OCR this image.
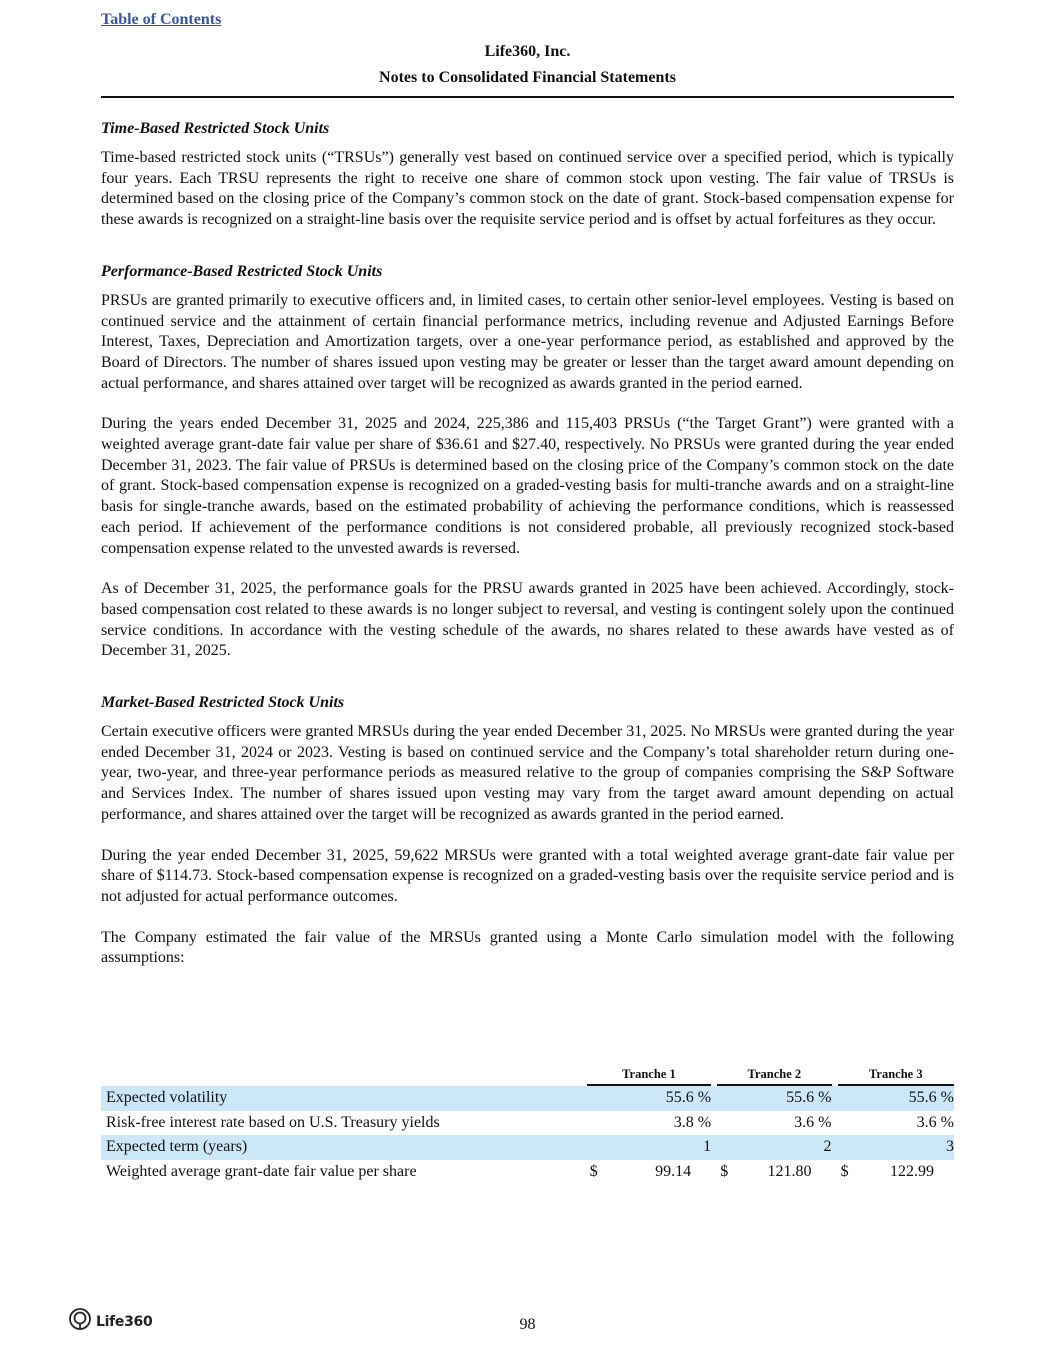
Table of Contents
Life360, Inc.
Notes to Consolidated Financial Statements
Time-Based Restricted Stock Units

Time-based restricted stock units (“TRSUs”) generally vest based on continued service over a specified period, which is typically four years. Each TRSU represents the right to receive one share of common stock upon vesting. The fair value of TRSUs is determined based on the closing price of the Company’s common stock on the date of grant. Stock-based compensation expense for these awards is recognized on a straight-line basis over the requisite service period and is offset by actual forfeitures as they occur.

Performance-Based Restricted Stock Units

PRSUs are granted primarily to executive officers and, in limited cases, to certain other senior-level employees. Vesting is based on continued service and the attainment of certain financial performance metrics, including revenue and Adjusted Earnings Before Interest, Taxes, Depreciation and Amortization targets, over a one-year performance period, as established and approved by the Board of Directors. The number of shares issued upon vesting may be greater or lesser than the target award amount depending on actual performance, and shares attained over target will be recognized as awards granted in the period earned.

During the years ended December 31, 2025 and 2024, 225,386 and 115,403 PRSUs (“the Target Grant”) were granted with a weighted average grant-date fair value per share of $36.61 and $27.40, respectively. No PRSUs were granted during the year ended December 31, 2023. The fair value of PRSUs is determined based on the closing price of the Company’s common stock on the date of grant. Stock-based compensation expense is recognized on a graded-vesting basis for multi-tranche awards and on a straight-line basis for single-tranche awards, based on the estimated probability of achieving the performance conditions, which is reassessed each period. If achievement of the performance conditions is not considered probable, all previously recognized stock-based compensation expense related to the unvested awards is reversed.

As of December 31, 2025, the performance goals for the PRSU awards granted in 2025 have been achieved. Accordingly, stock-based compensation cost related to these awards is no longer subject to reversal, and vesting is contingent solely upon the continued service conditions. In accordance with the vesting schedule of the awards, no shares related to these awards have vested as of December 31, 2025.

Market-Based Restricted Stock Units

Certain executive officers were granted MRSUs during the year ended December 31, 2025. No MRSUs were granted during the year ended December 31, 2024 or 2023. Vesting is based on continued service and the Company’s total shareholder return during one-year, two-year, and three-year performance periods as measured relative to the group of companies comprising the S&P Software and Services Index. The number of shares issued upon vesting may vary from the target award amount depending on actual performance, and shares attained over the target will be recognized as awards granted in the period earned.

During the year ended December 31, 2025, 59,622 MRSUs were granted with a total weighted average grant-date fair value per share of $114.73. Stock-based compensation expense is recognized on a graded-vesting basis over the requisite service period and is not adjusted for actual performance outcomes.

The Company estimated the fair value of the MRSUs granted using a Monte Carlo simulation model with the following assumptions:

	Tranche 1			Tranche 2			Tranche 3	
Expected volatility		55.6 %			55.6 %			55.6 %
Risk-free interest rate based on U.S. Treasury yields		3.8 %			3.6 %			3.6 %
Expected term (years)		1			2			3
Weighted average grant-date fair value per share	$	99.14		$	121.80		$	122.99
Life360	98
